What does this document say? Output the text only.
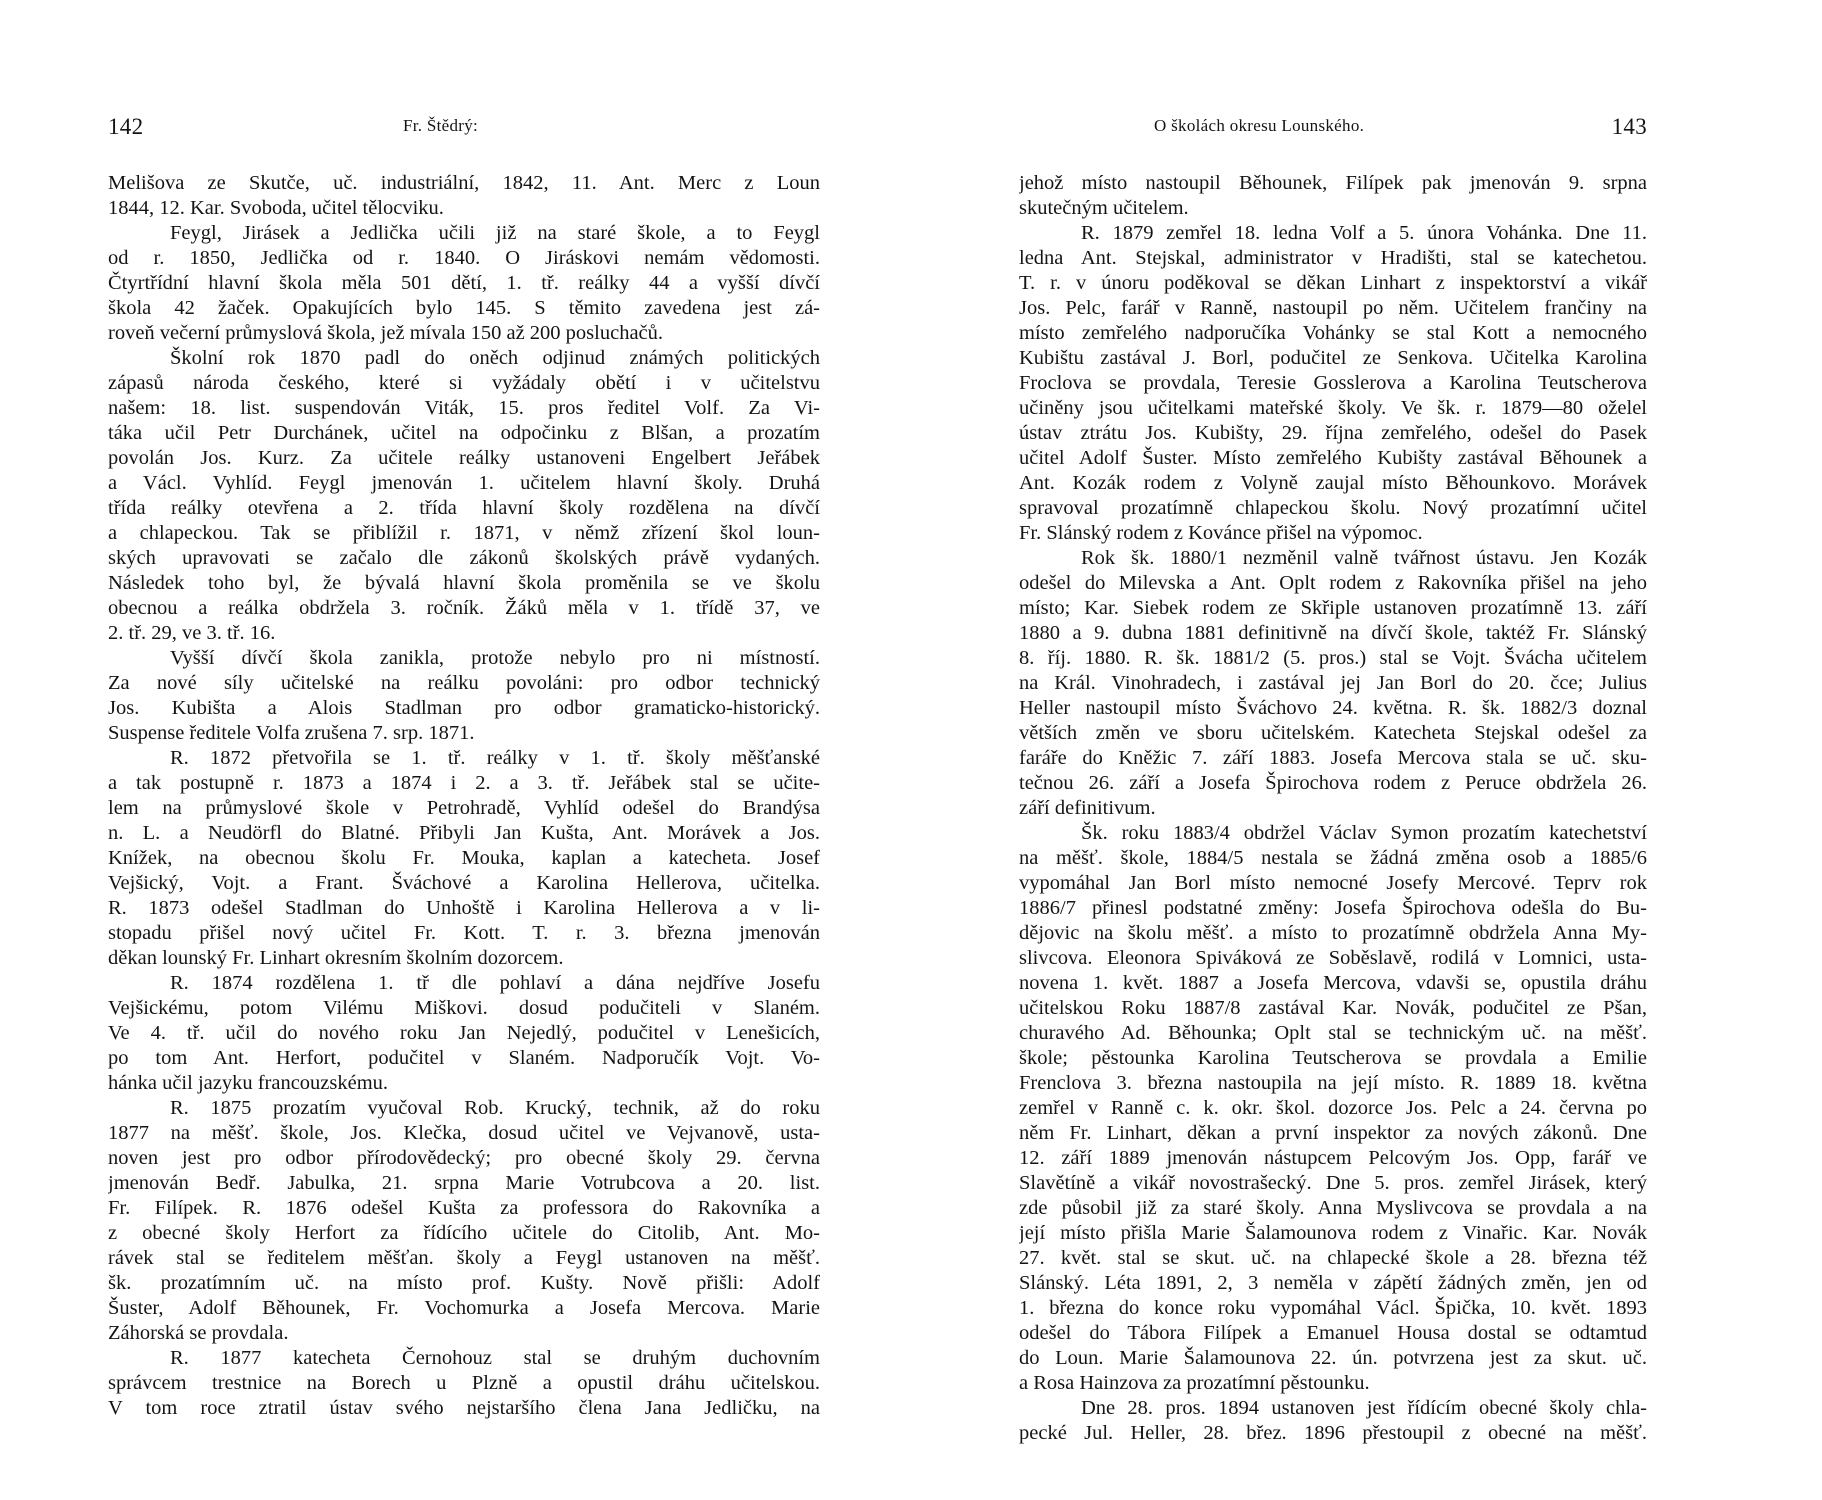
142	Fr. Štědrý:
Melišova ze Skutče, uč. industriální, 1842, 11. Ant. Merc z Loun
1844, 12. Kar. Svoboda, učitel tělocviku.
Feygl, Jirásek a Jedlička učili již na staré škole, a to Feygl
od r. 1850, Jedlička od r. 1840. O Jiráskovi nemám vědomosti.
Čtyrtřídní hlavní škola měla 501 dětí, 1. tř. reálky 44 a vyšší dívčí
škola 42 žaček. Opakujících bylo 145. S těmito zavedena jest zá-
roveň večerní průmyslová škola, jež mívala 150 až 200 posluchačů.
Školní rok 1870 padl do oněch odjinud známých politických
zápasů národa českého, které si vyžádaly obětí i v učitelstvu
našem: 18. list. suspendován Viták, 15. pros ředitel Volf. Za Vi-
táka učil Petr Durchánek, učitel na odpočinku z Blšan, a prozatím
povolán Jos. Kurz. Za učitele reálky ustanoveni Engelbert Jeřábek
a Václ. Vyhlíd. Feygl jmenován 1. učitelem hlavní školy. Druhá
třída reálky otevřena a 2. třída hlavní školy rozdělena na dívčí
a chlapeckou. Tak se přiblížil r. 1871, v němž zřízení škol loun-
ských upravovati se začalo dle zákonů školských právě vydaných.
Následek toho byl, že bývalá hlavní škola proměnila se ve školu
obecnou a reálka obdržela 3. ročník. Žáků měla v 1. třídě 37, ve
2. tř. 29, ve 3. tř. 16.
Vyšší dívčí škola zanikla, protože nebylo pro ni místností.
Za nové síly učitelské na reálku povoláni: pro odbor technický
Jos. Kubišta a Alois Stadlman pro odbor gramaticko-historický.
Suspense ředitele Volfa zrušena 7. srp. 1871.
R. 1872 přetvořila se 1. tř. reálky v 1. tř. školy měšťanské
a tak postupně r. 1873 a 1874 i 2. a 3. tř. Jeřábek stal se učite-
lem na průmyslové škole v Petrohradě, Vyhlíd odešel do Brandýsa
n. L. a Neudörfl do Blatné. Přibyli Jan Kušta, Ant. Morávek a Jos.
Knížek, na obecnou školu Fr. Mouka, kaplan a katecheta. Josef
Vejšický, Vojt. a Frant. Šváchové a Karolina Hellerova, učitelka.
R. 1873 odešel Stadlman do Unhoště i Karolina Hellerova a v li-
stopadu přišel nový učitel Fr. Kott. T. r. 3. března jmenován
děkan lounský Fr. Linhart okresním školním dozorcem.
R. 1874 rozdělena 1. tř dle pohlaví a dána nejdříve Josefu
Vejšickému, potom Vilému Miškovi. dosud podučiteli v Slaném.
Ve 4. tř. učil do nového roku Jan Nejedlý, podučitel v Lenešicích,
po tom Ant. Herfort, podučitel v Slaném. Nadporučík Vojt. Vo-
hánka učil jazyku francouzskému.
R. 1875 prozatím vyučoval Rob. Krucký, technik, až do roku
1877 na měšť. škole, Jos. Klečka, dosud učitel ve Vejvanově, usta-
noven jest pro odbor přírodovědecký; pro obecné školy 29. června
jmenován Bedř. Jabulka, 21. srpna Marie Votrubcova a 20. list.
Fr. Filípek. R. 1876 odešel Kušta za professora do Rakovníka a
z obecné školy Herfort za řídícího učitele do Citolib, Ant. Mo-
rávek stal se ředitelem měšťan. školy a Feygl ustanoven na měšť.
šk. prozatímním uč. na místo prof. Kušty. Nově přišli: Adolf
Šuster, Adolf Běhounek, Fr. Vochomurka a Josefa Mercova. Marie
Záhorská se provdala.
R. 1877 katecheta Černohouz stal se druhým duchovním
správcem trestnice na Borech u Plzně a opustil dráhu učitelskou.
V tom roce ztratil ústav svého nejstaršího člena Jana Jedličku, na
O školách okresu Lounského.	143
jehož místo nastoupil Běhounek, Filípek pak jmenován 9. srpna
skutečným učitelem.
R. 1879 zemřel 18. ledna Volf a 5. února Vohánka. Dne 11.
ledna Ant. Stejskal, administrator v Hradišti, stal se katechetou.
T. r. v únoru poděkoval se děkan Linhart z inspektorství a vikář
Jos. Pelc, farář v Ranně, nastoupil po něm. Učitelem frančiny na
místo zemřelého nadporučíka Vohánky se stal Kott a nemocného
Kubištu zastával J. Borl, podučitel ze Senkova. Učitelka Karolina
Froclova se provdala, Teresie Gosslerova a Karolina Teutscherova
učiněny jsou učitelkami mateřské školy. Ve šk. r. 1879—80 oželel
ústav ztrátu Jos. Kubišty, 29. října zemřelého, odešel do Pasek
učitel Adolf Šuster. Místo zemřelého Kubišty zastával Běhounek a
Ant. Kozák rodem z Volyně zaujal místo Běhounkovo. Morávek
spravoval prozatímně chlapeckou školu. Nový prozatímní učitel
Fr. Slánský rodem z Kovánce přišel na výpomoc.
Rok šk. 1880/1 nezměnil valně tvářnost ústavu. Jen Kozák
odešel do Milevska a Ant. Oplt rodem z Rakovníka přišel na jeho
místo; Kar. Siebek rodem ze Skřiple ustanoven prozatímně 13. září
1880 a 9. dubna 1881 definitivně na dívčí škole, taktéž Fr. Slánský
8. říj. 1880. R. šk. 1881/2 (5. pros.) stal se Vojt. Švácha učitelem
na Král. Vinohradech, i zastával jej Jan Borl do 20. čce; Julius
Heller nastoupil místo Šváchovo 24. května. R. šk. 1882/3 doznal
větších změn ve sboru učitelském. Katecheta Stejskal odešel za
faráře do Kněžic 7. září 1883. Josefa Mercova stala se uč. sku-
tečnou 26. září a Josefa Špirochova rodem z Peruce obdržela 26.
září definitivum.
Šk. roku 1883/4 obdržel Václav Symon prozatím katechetství
na měšť. škole, 1884/5 nestala se žádná změna osob a 1885/6
vypomáhal Jan Borl místo nemocné Josefy Mercové. Teprv rok
1886/7 přinesl podstatné změny: Josefa Špirochova odešla do Bu-
dějovic na školu měšť. a místo to prozatímně obdržela Anna My-
slivcova. Eleonora Spiváková ze Soběslavě, rodilá v Lomnici, usta-
novena 1. květ. 1887 a Josefa Mercova, vdavši se, opustila dráhu
učitelskou Roku 1887/8 zastával Kar. Novák, podučitel ze Pšan,
churavého Ad. Běhounka; Oplt stal se technickým uč. na měšť.
škole; pěstounka Karolina Teutscherova se provdala a Emilie
Frenclova 3. března nastoupila na její místo. R. 1889 18. května
zemřel v Ranně c. k. okr. škol. dozorce Jos. Pelc a 24. června po
něm Fr. Linhart, děkan a první inspektor za nových zákonů. Dne
12. září 1889 jmenován nástupcem Pelcovým Jos. Opp, farář ve
Slavětíně a vikář novostrašecký. Dne 5. pros. zemřel Jirásek, který
zde působil již za staré školy. Anna Myslivcova se provdala a na
její místo přišla Marie Šalamounova rodem z Vinařic. Kar. Novák
27. květ. stal se skut. uč. na chlapecké škole a 28. března též
Slánský. Léta 1891, 2, 3 neměla v zápětí žádných změn, jen od
1. března do konce roku vypomáhal Václ. Špička, 10. květ. 1893
odešel do Tábora Filípek a Emanuel Housa dostal se odtamtud
do Loun. Marie Šalamounova 22. ún. potvrzena jest za skut. uč.
a Rosa Hainzova za prozatímní pěstounku.
Dne 28. pros. 1894 ustanoven jest řídícím obecné školy chla-
pecké Jul. Heller, 28. břez. 1896 přestoupil z obecné na měšť.
